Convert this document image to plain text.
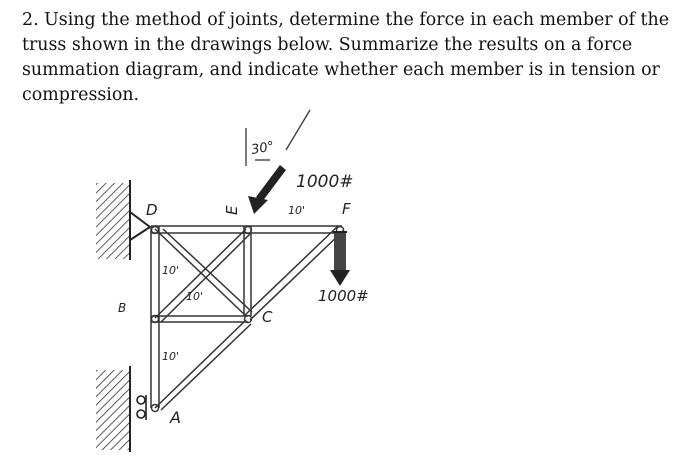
2. Using the method of joints, determine the force in each member of the truss shown in the drawings below. Summarize the results on a force summation diagram, and indicate whether each member is in tension or compression.

D	E	F
B	C
A
10'
10'
10'
10'
30°
1000#
1000#
